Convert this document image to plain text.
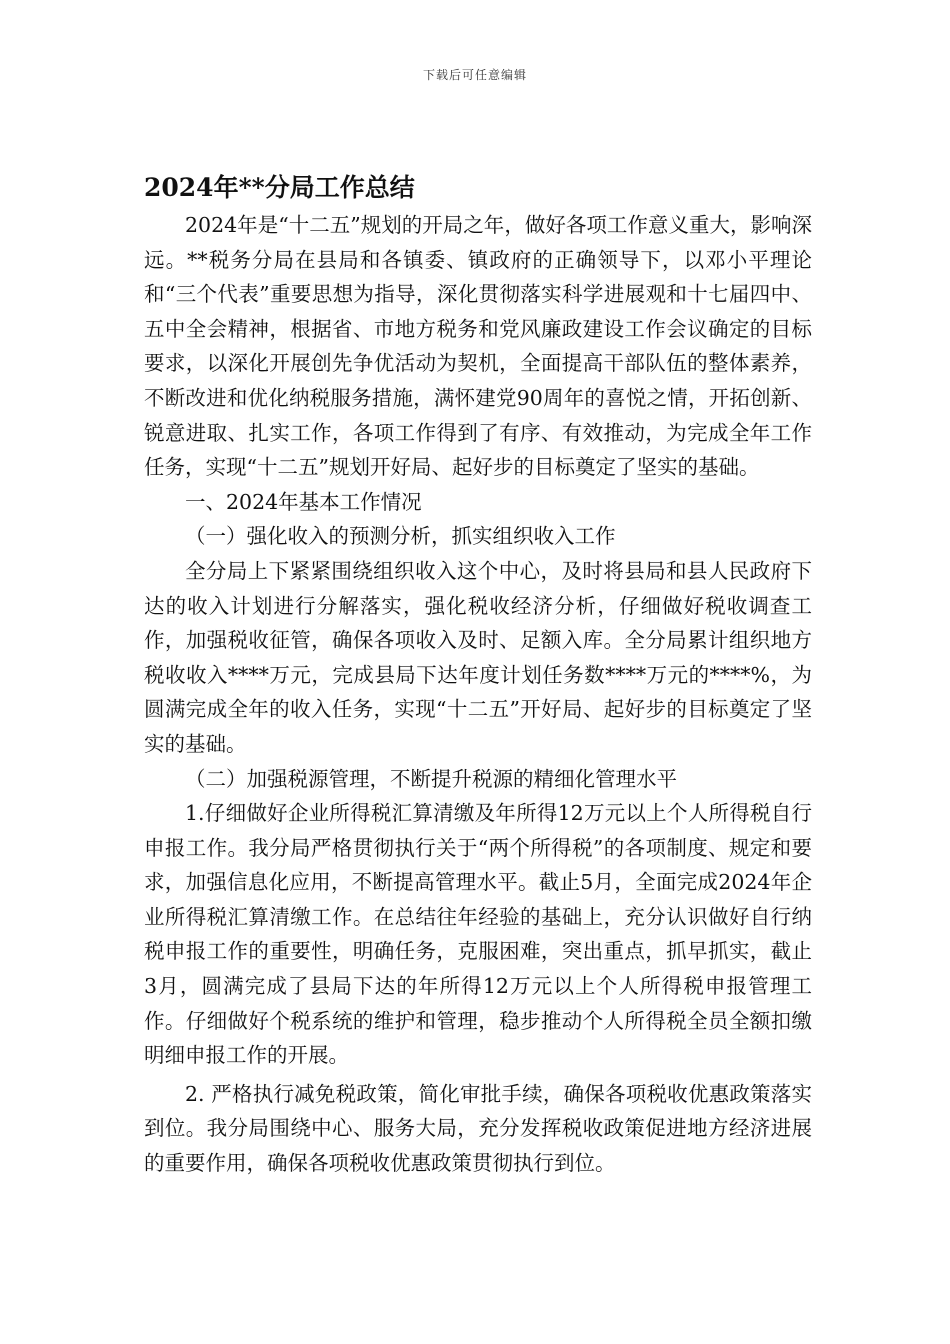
下载后可任意编辑
2024年**分局工作总结

2024年是“十二五”规划的开局之年，做好各项工作意义重大，影响深远。**税务分局在县局和各镇委、镇政府的正确领导下，以邓小平理论和“三个代表”重要思想为指导，深化贯彻落实科学进展观和十七届四中、五中全会精神，根据省、市地方税务和党风廉政建设工作会议确定的目标要求，以深化开展创先争优活动为契机，全面提高干部队伍的整体素养，不断改进和优化纳税服务措施，满怀建党90周年的喜悦之情，开拓创新、锐意进取、扎实工作，各项工作得到了有序、有效推动，为完成全年工作任务，实现“十二五”规划开好局、起好步的目标奠定了坚实的基础。

一、2024年基本工作情况

（一）强化收入的预测分析，抓实组织收入工作

全分局上下紧紧围绕组织收入这个中心，及时将县局和县人民政府下达的收入计划进行分解落实，强化税收经济分析，仔细做好税收调查工作，加强税收征管，确保各项收入及时、足额入库。全分局累计组织地方税收收入****万元，完成县局下达年度计划任务数****万元的****%，为圆满完成全年的收入任务，实现“十二五”开好局、起好步的目标奠定了坚实的基础。

（二）加强税源管理，不断提升税源的精细化管理水平

1.仔细做好企业所得税汇算清缴及年所得12万元以上个人所得税自行申报工作。我分局严格贯彻执行关于“两个所得税”的各项制度、规定和要求，加强信息化应用，不断提高管理水平。截止5月，全面完成2024年企业所得税汇算清缴工作。在总结往年经验的基础上，充分认识做好自行纳税申报工作的重要性，明确任务，克服困难，突出重点，抓早抓实，截止3月，圆满完成了县局下达的年所得12万元以上个人所得税申报管理工作。仔细做好个税系统的维护和管理，稳步推动个人所得税全员全额扣缴明细申报工作的开展。

2. 严格执行减免税政策，简化审批手续，确保各项税收优惠政策落实到位。我分局围绕中心、服务大局，充分发挥税收政策促进地方经济进展的重要作用，确保各项税收优惠政策贯彻执行到位。
